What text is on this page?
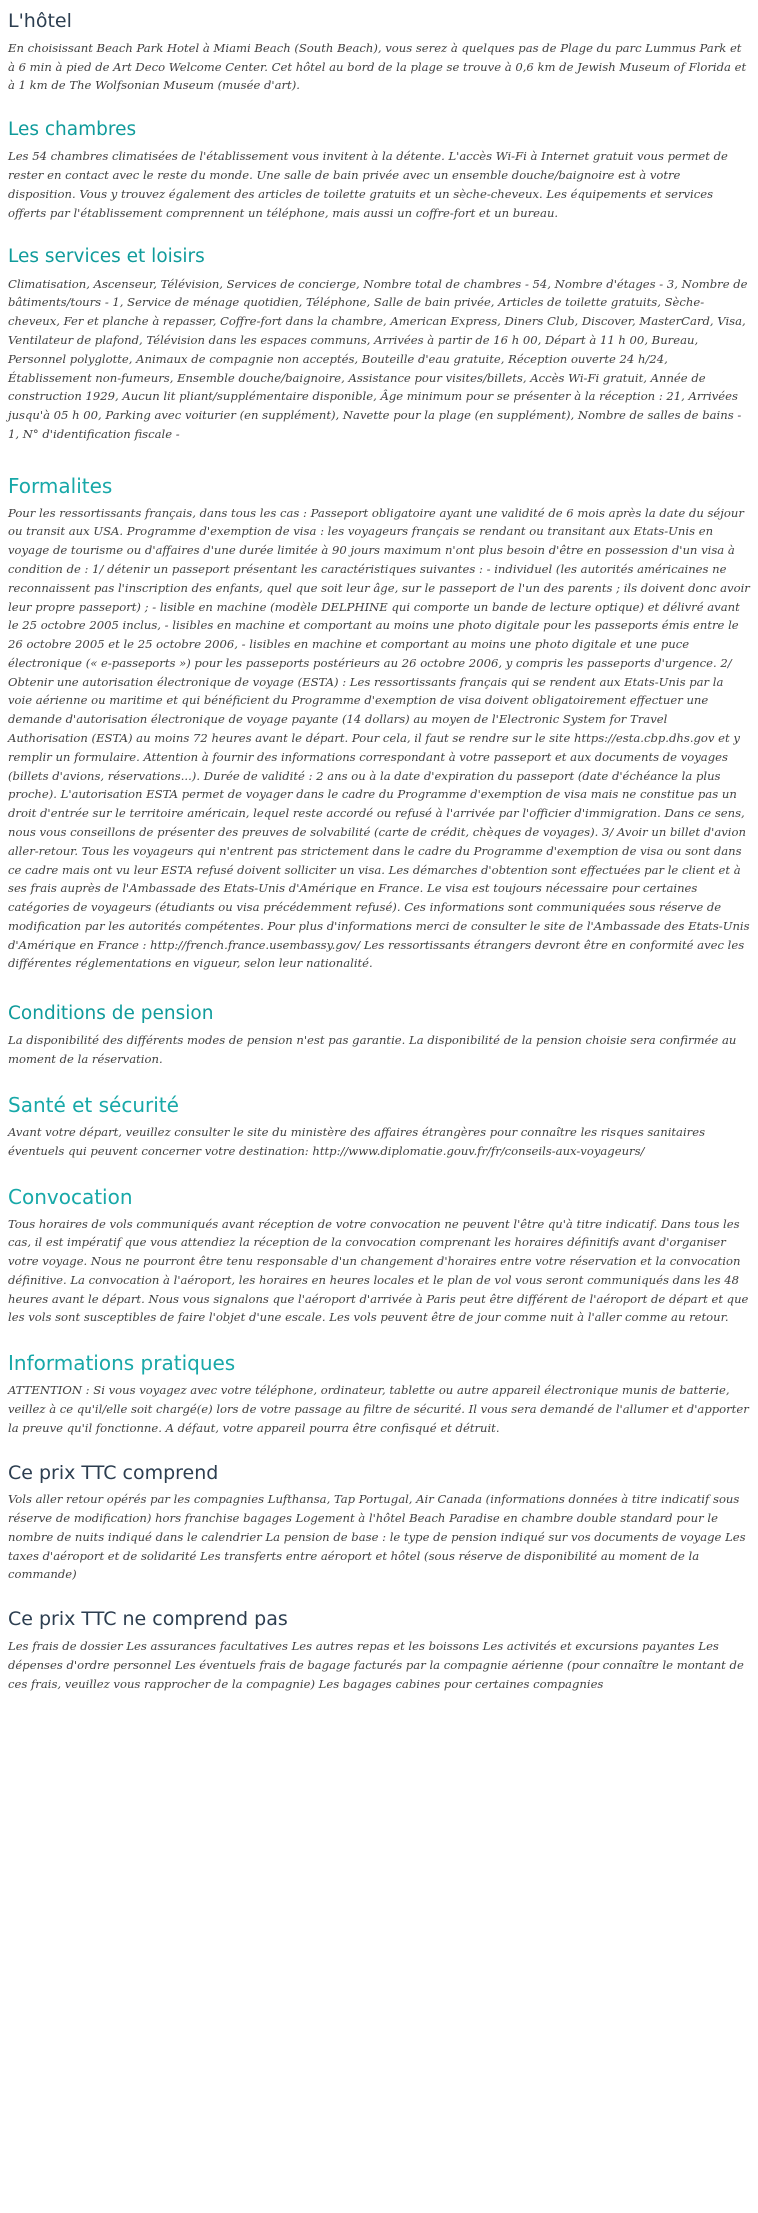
L'hôtel

En choisissant Beach Park Hotel à Miami Beach (South Beach), vous serez à quelques pas de Plage du parc Lummus Park et à 6 min à pied de Art Deco Welcome Center. Cet hôtel au bord de la plage se trouve à 0,6 km de Jewish Museum of Florida et à 1 km de The Wolfsonian Museum (musée d'art).

Les chambres

Les 54 chambres climatisées de l'établissement vous invitent à la détente. L'accès Wi-Fi à Internet gratuit vous permet de rester en contact avec le reste du monde. Une salle de bain privée avec un ensemble douche/baignoire est à votre disposition. Vous y trouvez également des articles de toilette gratuits et un sèche-cheveux. Les équipements et services offerts par l'établissement comprennent un téléphone, mais aussi un coffre-fort et un bureau.

Les services et loisirs

Climatisation, Ascenseur, Télévision, Services de concierge, Nombre total de chambres - 54, Nombre d'étages - 3, Nombre de bâtiments/tours - 1, Service de ménage quotidien, Téléphone, Salle de bain privée, Articles de toilette gratuits, Sèche-cheveux, Fer et planche à repasser, Coffre-fort dans la chambre, American Express, Diners Club, Discover, MasterCard, Visa, Ventilateur de plafond, Télévision dans les espaces communs, Arrivées à partir de 16 h 00, Départ à 11 h 00, Bureau, Personnel polyglotte, Animaux de compagnie non acceptés, Bouteille d'eau gratuite, Réception ouverte 24 h/24, Établissement non-fumeurs, Ensemble douche/baignoire, Assistance pour visites/billets, Accès Wi-Fi gratuit, Année de construction 1929, Aucun lit pliant/supplémentaire disponible, Âge minimum pour se présenter à la réception : 21, Arrivées jusqu'à 05 h 00, Parking avec voiturier (en supplément), Navette pour la plage (en supplément), Nombre de salles de bains - 1, N° d'identification fiscale -

Formalites

Pour les ressortissants français, dans tous les cas : Passeport obligatoire ayant une validité de 6 mois après la date du séjour ou transit aux USA. Programme d'exemption de visa : les voyageurs français se rendant ou transitant aux Etats-Unis en voyage de tourisme ou d'affaires d'une durée limitée à 90 jours maximum n'ont plus besoin d'être en possession d'un visa à condition de : 1/ détenir un passeport présentant les caractéristiques suivantes : - individuel (les autorités américaines ne reconnaissent pas l'inscription des enfants, quel que soit leur âge, sur le passeport de l'un des parents ; ils doivent donc avoir leur propre passeport) ; - lisible en machine (modèle DELPHINE qui comporte un bande de lecture optique) et délivré avant le 25 octobre 2005 inclus, - lisibles en machine et comportant au moins une photo digitale pour les passeports émis entre le 26 octobre 2005 et le 25 octobre 2006, - lisibles en machine et comportant au moins une photo digitale et une puce électronique (« e-passeports ») pour les passeports postérieurs au 26 octobre 2006, y compris les passeports d'urgence. 2/ Obtenir une autorisation électronique de voyage (ESTA) : Les ressortissants français qui se rendent aux Etats-Unis par la voie aérienne ou maritime et qui bénéficient du Programme d'exemption de visa doivent obligatoirement effectuer une demande d'autorisation électronique de voyage payante (14 dollars) au moyen de l'Electronic System for Travel Authorisation (ESTA) au moins 72 heures avant le départ. Pour cela, il faut se rendre sur le site https://esta.cbp.dhs.gov et y remplir un formulaire. Attention à fournir des informations correspondant à votre passeport et aux documents de voyages (billets d'avions, réservations...). Durée de validité : 2 ans ou à la date d'expiration du passeport (date d'échéance la plus proche). L'autorisation ESTA permet de voyager dans le cadre du Programme d'exemption de visa mais ne constitue pas un droit d'entrée sur le territoire américain, lequel reste accordé ou refusé à l'arrivée par l'officier d'immigration. Dans ce sens, nous vous conseillons de présenter des preuves de solvabilité (carte de crédit, chèques de voyages). 3/ Avoir un billet d'avion aller-retour. Tous les voyageurs qui n'entrent pas strictement dans le cadre du Programme d'exemption de visa ou sont dans ce cadre mais ont vu leur ESTA refusé doivent solliciter un visa. Les démarches d'obtention sont effectuées par le client et à ses frais auprès de l'Ambassade des Etats-Unis d'Amérique en France. Le visa est toujours nécessaire pour certaines catégories de voyageurs (étudiants ou visa précédemment refusé). Ces informations sont communiquées sous réserve de modification par les autorités compétentes. Pour plus d'informations merci de consulter le site de l'Ambassade des Etats-Unis d'Amérique en France : http://french.france.usembassy.gov/ Les ressortissants étrangers devront être en conformité avec les différentes réglementations en vigueur, selon leur nationalité.

Conditions de pension

La disponibilité des différents modes de pension n'est pas garantie. La disponibilité de la pension choisie sera confirmée au moment de la réservation.

Santé et sécurité

Avant votre départ, veuillez consulter le site du ministère des affaires étrangères pour connaître les risques sanitaires éventuels qui peuvent concerner votre destination: http://www.diplomatie.gouv.fr/fr/conseils-aux-voyageurs/

Convocation

Tous horaires de vols communiqués avant réception de votre convocation ne peuvent l'être qu'à titre indicatif. Dans tous les cas, il est impératif que vous attendiez la réception de la convocation comprenant les horaires définitifs avant d'organiser votre voyage. Nous ne pourront être tenu responsable d'un changement d'horaires entre votre réservation et la convocation définitive. La convocation à l'aéroport, les horaires en heures locales et le plan de vol vous seront communiqués dans les 48 heures avant le départ. Nous vous signalons que l'aéroport d'arrivée à Paris peut être différent de l'aéroport de départ et que les vols sont susceptibles de faire l'objet d'une escale. Les vols peuvent être de jour comme nuit à l'aller comme au retour.

Informations pratiques

ATTENTION : Si vous voyagez avec votre téléphone, ordinateur, tablette ou autre appareil électronique munis de batterie, veillez à ce qu'il/elle soit chargé(e) lors de votre passage au filtre de sécurité. Il vous sera demandé de l'allumer et d'apporter la preuve qu'il fonctionne. A défaut, votre appareil pourra être confisqué et détruit.

Ce prix TTC comprend

Vols aller retour opérés par les compagnies Lufthansa, Tap Portugal, Air Canada (informations données à titre indicatif sous réserve de modification) hors franchise bagages Logement à l'hôtel Beach Paradise en chambre double standard pour le nombre de nuits indiqué dans le calendrier La pension de base : le type de pension indiqué sur vos documents de voyage Les taxes d'aéroport et de solidarité Les transferts entre aéroport et hôtel (sous réserve de disponibilité au moment de la commande)

Ce prix TTC ne comprend pas

Les frais de dossier Les assurances facultatives Les autres repas et les boissons Les activités et excursions payantes Les dépenses d'ordre personnel Les éventuels frais de bagage facturés par la compagnie aérienne (pour connaître le montant de ces frais, veuillez vous rapprocher de la compagnie) Les bagages cabines pour certaines compagnies
